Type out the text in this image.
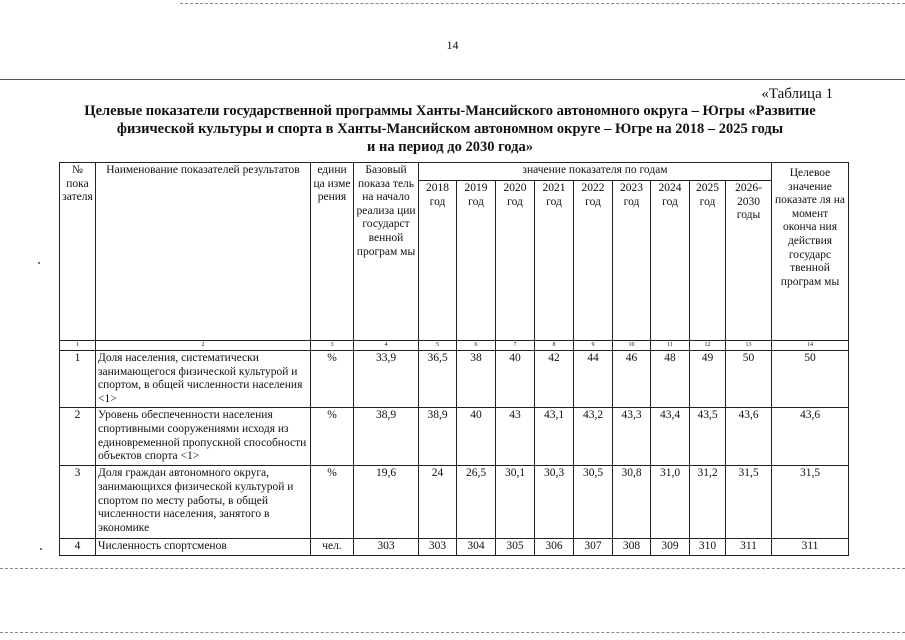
14
«Таблица 1
Целевые показатели государственной программы Ханты-Мансийского автономного округа – Югры «Развитие
физической культуры и спорта в Ханты-Мансийском автономном округе – Югре на 2018 – 2025 годы
и на период до 2030 года»
№ пока зателя	Наименование показателей результатов	едини ца изме рения	Базовый показа тель на начало реализа ции государст венной програм мы	значение показателя по годам									Целевое значение показате ля на момент оконча ния действия государс твенной програм мы
				2018 год	2019 год	2020 год	2021 год	2022 год	2023 год	2024 год	2025 год	2026-2030 годы	
1	2	3	4	5	6	7	8	9	10	11	12	13	14
1	Доля населения, систематически занимающегося физической культурой и спортом, в общей численности населения <1>	%	33,9	36,5	38	40	42	44	46	48	49	50	50
2	Уровень обеспеченности населения спортивными сооружениями исходя из единовременной пропускной способности объектов спорта <1>	%	38,9	38,9	40	43	43,1	43,2	43,3	43,4	43,5	43,6	43,6
3	Доля граждан автономного округа, занимающихся физической культурой и спортом по месту работы, в общей численности населения, занятого в экономике	%	19,6	24	26,5	30,1	30,3	30,5	30,8	31,0	31,2	31,5	31,5
4	Численность спортсменов	чел.	303	303	304	305	306	307	308	309	310	311	311
